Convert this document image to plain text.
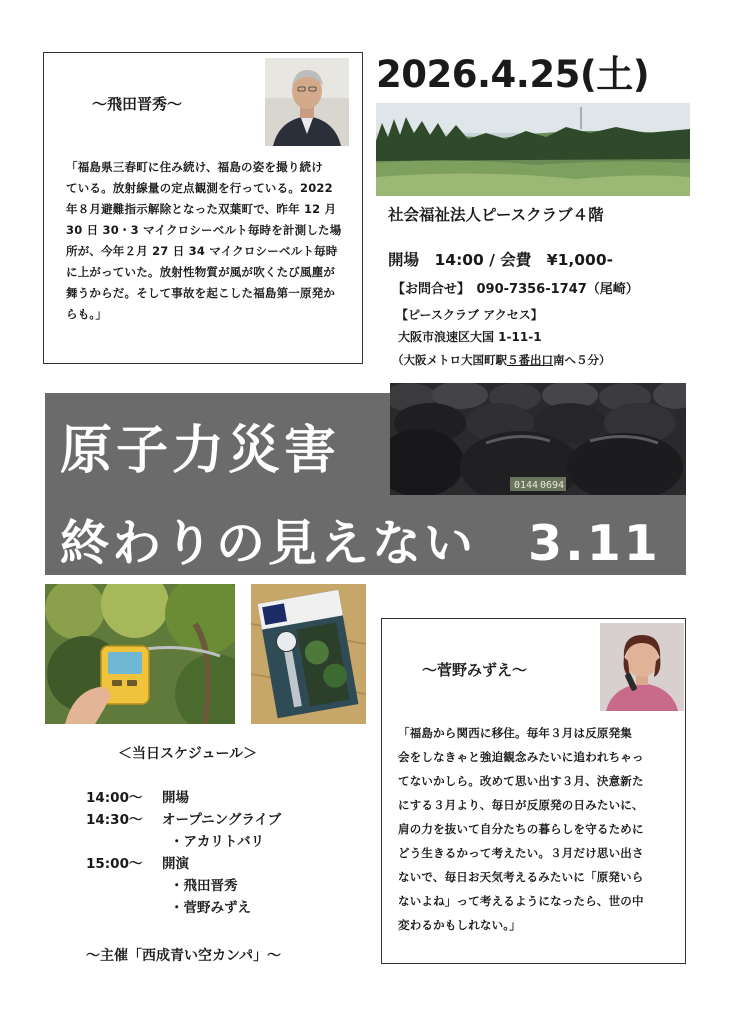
～飛田晋秀～
「福島県三春町に住み続け、福島の姿を撮り続け
ている。放射線量の定点観測を行っている。2022
年８月避難指示解除となった双葉町で、昨年 12 月
30 日 30・3 マイクロシーベルト毎時を計測した場
所が、今年２月 27 日 34 マイクロシーベルト毎時
に上がっていた。放射性物質が風が吹くたび風塵が
舞うからだ。そして事故を起こした福島第一原発か
らも。」
2026.4.25(土)
社会福祉法人ピースクラブ４階
開場　14:00 / 会費　¥1,000-
【お問合せ】　090-7356-1747（尾崎）
【ピースクラブ アクセス】
大阪市浪速区大国 1-11-1
（大阪メトロ大国町駅５番出口南へ５分）
0144 0694
原子力災害
終わりの見えない　3.11
＜当日スケジュール＞
14:00～ 開場
14:30～ オープニングライブ
・アカリトバリ
15:00～ 開演
・飛田晋秀
・菅野みずえ
～主催「西成青い空カンパ」～
～菅野みずえ～
「福島から関西に移住。毎年３月は反原発集
会をしなきゃと強迫観念みたいに追われちゃっ
てないかしら。改めて思い出す３月、決意新た
にする３月より、毎日が反原発の日みたいに、
肩の力を抜いて自分たちの暮らしを守るために
どう生きるかって考えたい。３月だけ思い出さ
ないで、毎日お天気考えるみたいに「原発いら
ないよね」って考えるようになったら、世の中
変わるかもしれない。」
